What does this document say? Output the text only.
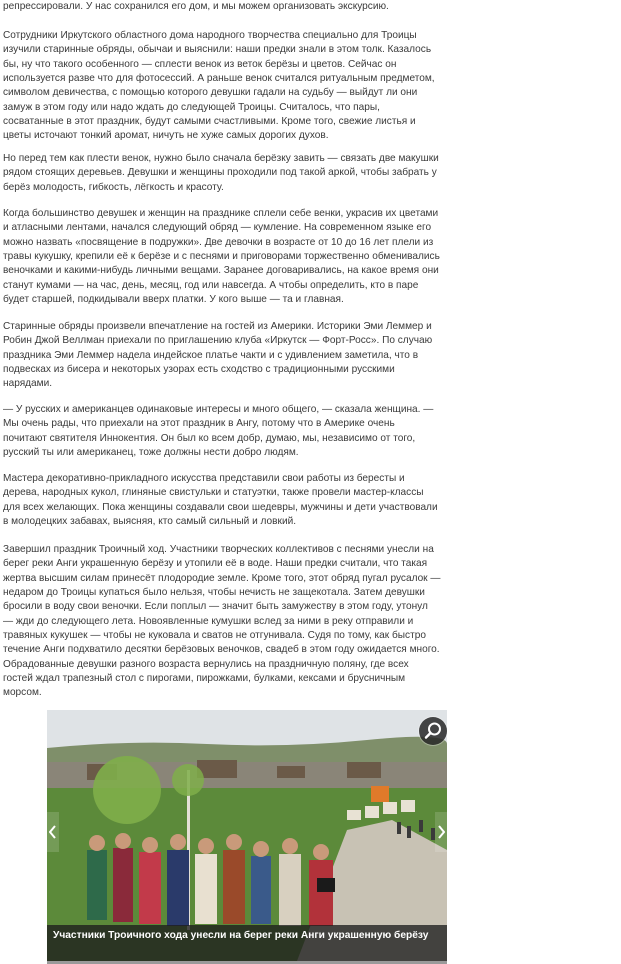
репрессировали. У нас сохранился его дом, и мы можем организовать экскурсию.

Сотрудники Иркутского областного дома народного творчества специально для Троицы
изучили старинные обряды, обычаи и выяснили: наши предки знали в этом толк. Казалось
бы, ну что такого особенного — сплести венок из веток берёзы и цветов. Сейчас он
используется разве что для фотосессий. А раньше венок считался ритуальным предметом,
символом девичества, с помощью которого девушки гадали на судьбу — выйдут ли они
замуж в этом году или надо ждать до следующей Троицы. Считалось, что пары,
сосватанные в этот праздник, будут самыми счастливыми. Кроме того, свежие листья и
цветы источают тонкий аромат, ничуть не хуже самых дорогих духов.

Но перед тем как плести венок, нужно было сначала берёзку завить — связать две макушки
рядом стоящих деревьев. Девушки и женщины проходили под такой аркой, чтобы забрать у
берёз молодость, гибкость, лёгкость и красоту.

Когда большинство девушек и женщин на празднике сплели себе венки, украсив их цветами
и атласными лентами, начался следующий обряд — кумление. На современном языке его
можно назвать «посвящение в подружки». Две девочки в возрасте от 10 до 16 лет плели из
травы кукушку, крепили её к берёзе и с песнями и приговорами торжественно обменивались
веночками и какими-нибудь личными вещами. Заранее договаривались, на какое время они
станут кумами — на час, день, месяц, год или навсегда. А чтобы определить, кто в паре
будет старшей, подкидывали вверх платки. У кого выше — та и главная.

Старинные обряды произвели впечатление на гостей из Америки. Историки Эми Леммер и
Робин Джой Веллман приехали по приглашению клуба «Иркутск — Форт-Росс». По случаю
праздника Эми Леммер надела индейское платье чакти и с удивлением заметила, что в
подвесках из бисера и некоторых узорах есть сходство с традиционными русскими
нарядами.

— У русских и американцев одинаковые интересы и много общего, — сказала женщина. —
Мы очень рады, что приехали на этот праздник в Ангу, потому что в Америке очень
почитают святителя Иннокентия. Он был ко всем добр, думаю, мы, независимо от того,
русский ты или американец, тоже должны нести добро людям.

Мастера декоративно-прикладного искусства представили свои работы из бересты и
дерева, народных кукол, глиняные свистульки и статуэтки, также провели мастер-классы
для всех желающих. Пока женщины создавали свои шедевры, мужчины и дети участвовали
в молодецких забавах, выясняя, кто самый сильный и ловкий.

Завершил праздник Троичный ход. Участники творческих коллективов с песнями унесли на
берег реки Анги украшенную берёзу и утопили её в воде. Наши предки считали, что такая
жертва высшим силам принесёт плодородие земле. Кроме того, этот обряд пугал русалок —
недаром до Троицы купаться было нельзя, чтобы нечисть не защекотала. Затем девушки
бросили в воду свои веночки. Если поплыл — значит быть замужеству в этом году, утонул
— жди до следующего лета. Новоявленные кумушки вслед за ними в реку отправили и
травяных кукушек — чтобы не куковала и сватов не отгунивала. Судя по тому, как быстро
течение Анги подхватило десятки берёзовых веночков, свадеб в этом году ожидается много.
Обрадованные девушки разного возраста вернулись на праздничную поляну, где всех
гостей ждал трапезный стол с пирогами, пирожками, булками, кексами и брусничным
морсом.

Участники Троичного хода унесли на берег реки Анги украшенную берёзу
